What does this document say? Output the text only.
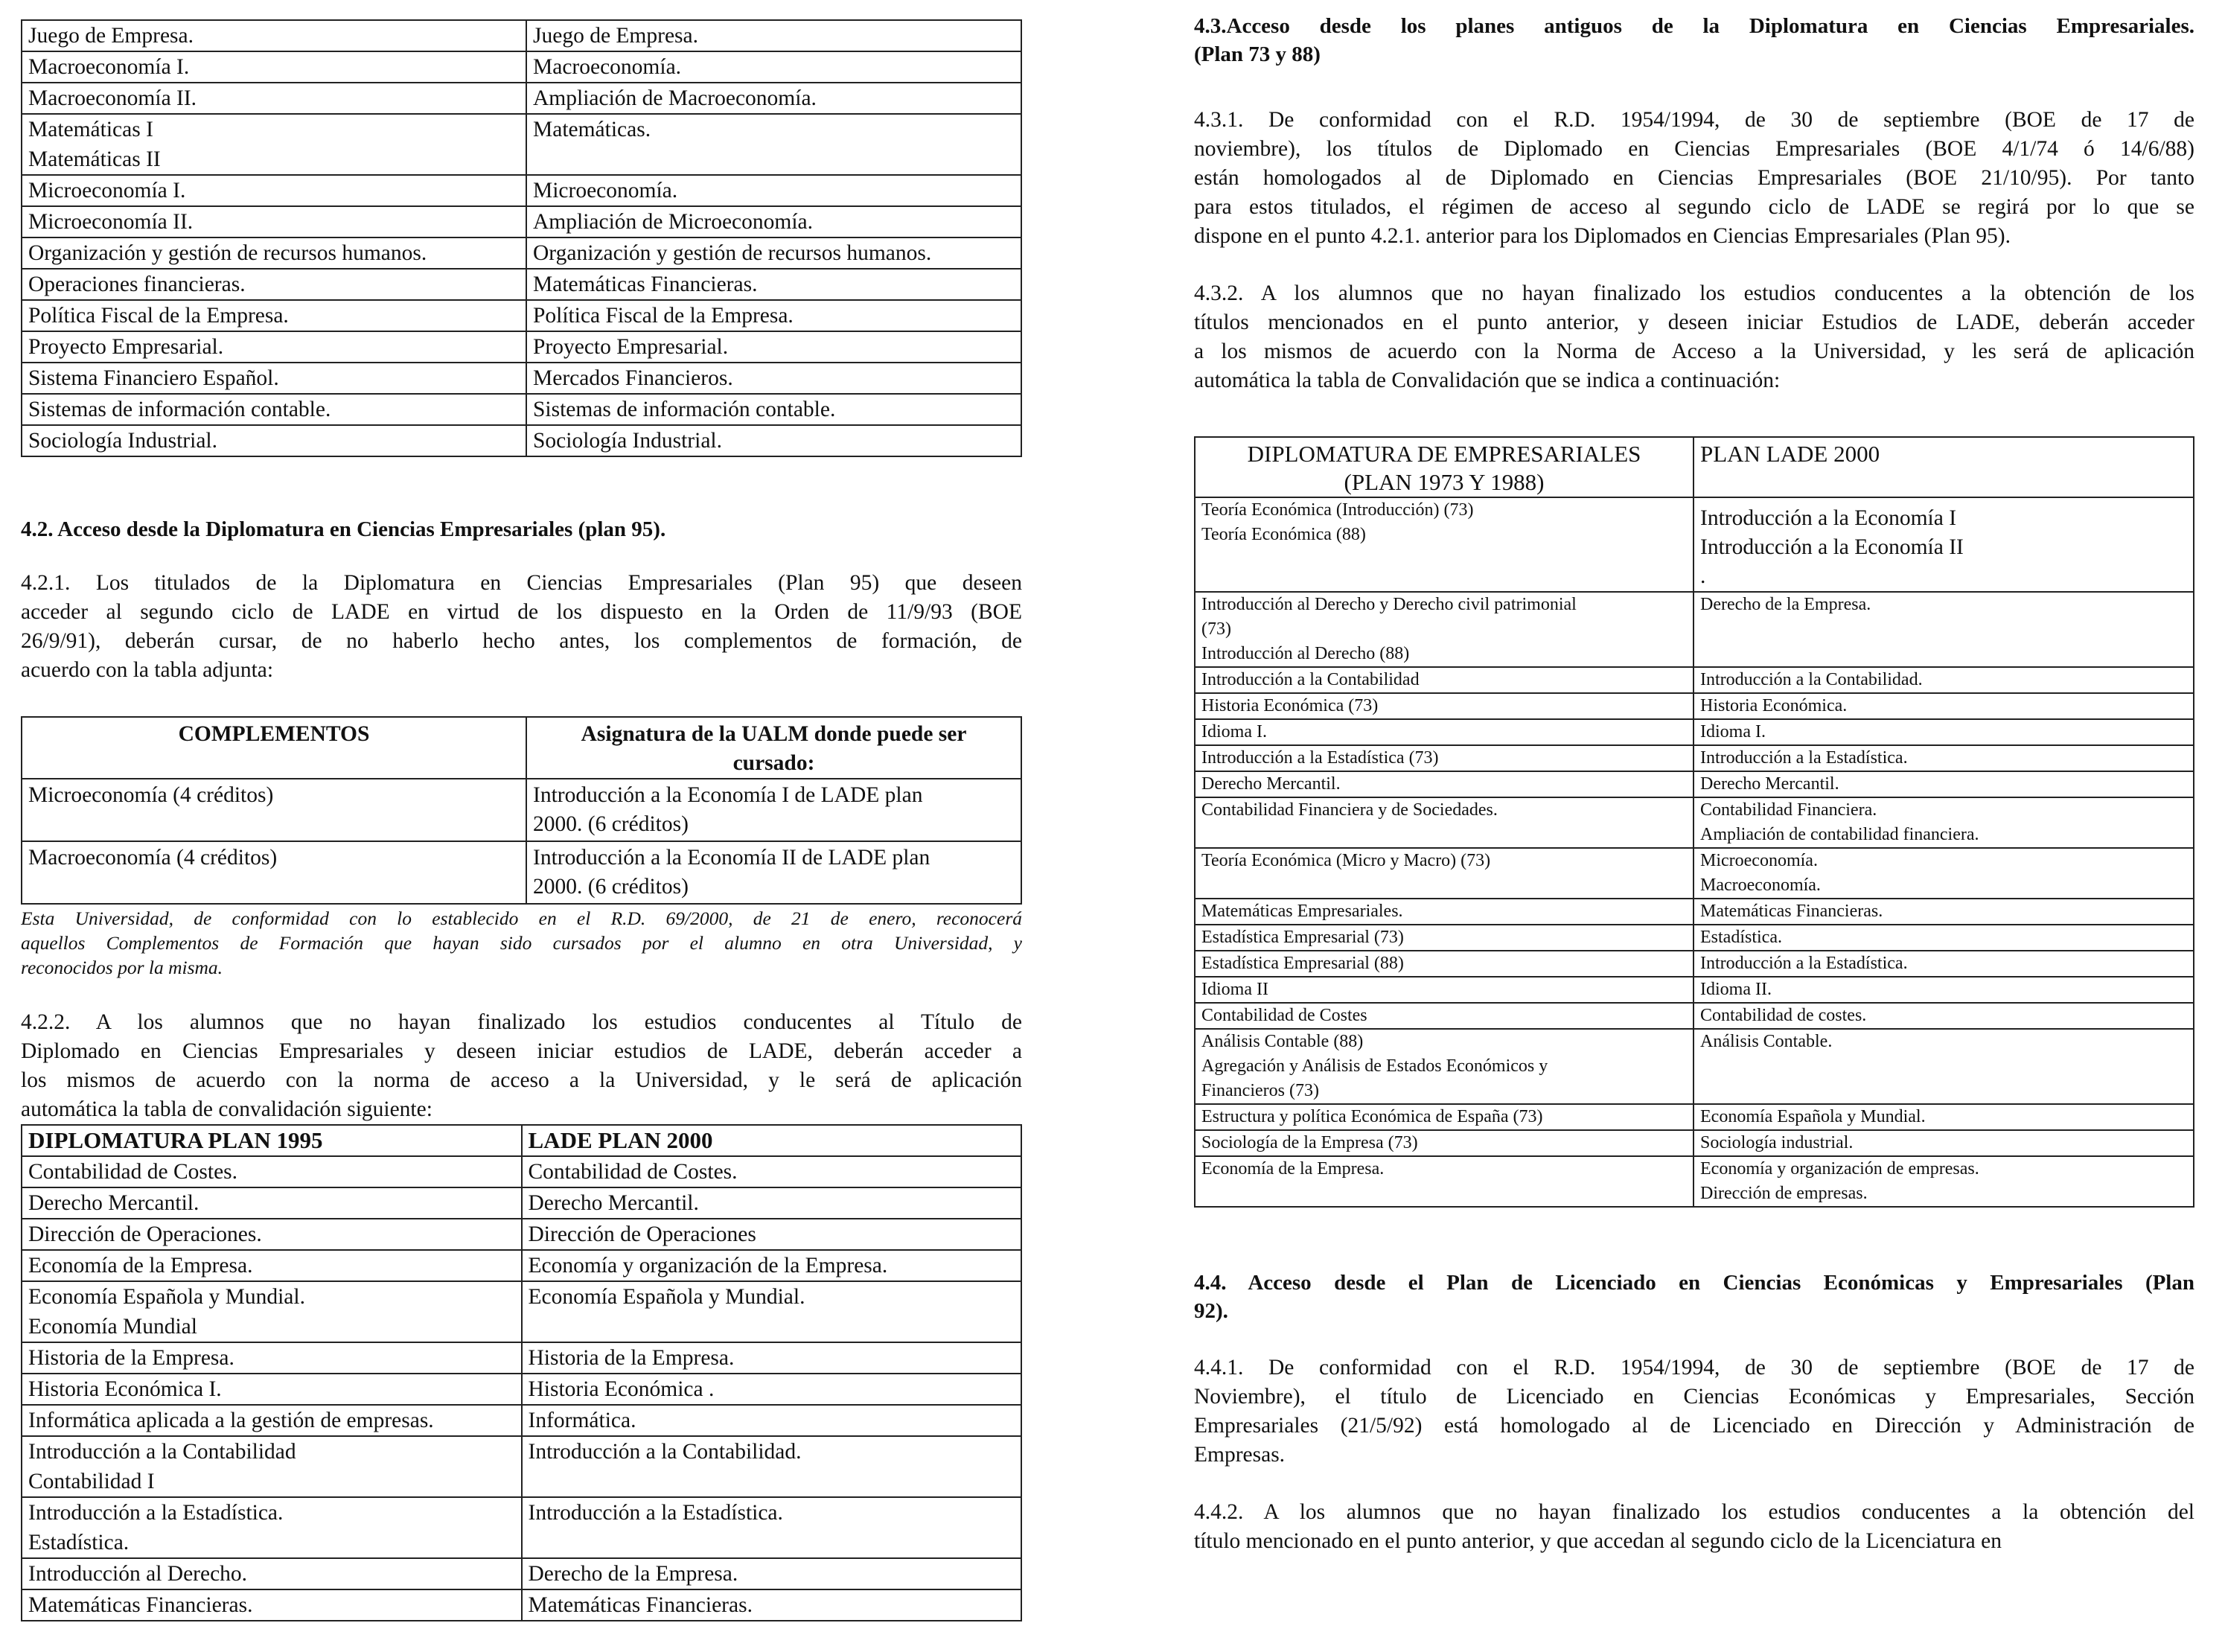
Juego de Empresa.	Juego de Empresa.

Macroeconomía I.	Macroeconomía.

Macroeconomía II.	Ampliación de Macroeconomía.

Matemáticas I
Matemáticas II	Matemáticas.

Microeconomía I.	Microeconomía.

Microeconomía II.	Ampliación de Microeconomía.

Organización y gestión de recursos humanos.	Organización y gestión de recursos humanos.

Operaciones financieras.	Matemáticas Financieras.

Política Fiscal de la Empresa.	Política Fiscal de la Empresa.

Proyecto Empresarial.	Proyecto Empresarial.

Sistema Financiero Español.	Mercados Financieros.

Sistemas de información contable.	Sistemas de información contable.

Sociología Industrial.	Sociología Industrial.
4.2. Acceso desde la Diplomatura en Ciencias Empresariales (plan 95).

4.2.1. Los titulados de la Diplomatura en Ciencias Empresariales (Plan 95) que deseen
acceder al segundo ciclo de LADE en virtud de los dispuesto en la Orden de 11/9/93 (BOE
26/9/91), deberán cursar, de no haberlo hecho antes, los complementos de formación, de
acuerdo con la tabla adjunta:

COMPLEMENTOS	Asignatura de la UALM donde puede ser
cursado:

Microeconomía (4 créditos)	Introducción a la Economía I de LADE plan
2000. (6 créditos)

Macroeconomía (4 créditos)	Introducción a la Economía II de LADE plan
2000. (6 créditos)

Esta Universidad, de conformidad con lo establecido en el R.D. 69/2000, de 21 de enero, reconocerá
aquellos Complementos de Formación que hayan sido cursados por el alumno en otra Universidad, y
reconocidos por la misma.

4.2.2. A los alumnos que no hayan finalizado los estudios conducentes al Título de
Diplomado en Ciencias Empresariales y deseen iniciar estudios de LADE, deberán acceder a
los mismos de acuerdo con la norma de acceso a la Universidad, y le será de aplicación
automática la tabla de convalidación siguiente:

DIPLOMATURA PLAN 1995	LADE PLAN 2000

Contabilidad de Costes.	Contabilidad de Costes.

Derecho Mercantil.	Derecho Mercantil.

Dirección de Operaciones.	Dirección de Operaciones

Economía de la Empresa.	Economía y organización de la Empresa.

Economía Española y Mundial.
Economía Mundial	Economía Española y Mundial.

Historia de la Empresa.	Historia de la Empresa.

Historia Económica I.	Historia Económica .

Informática aplicada a la gestión de empresas.	Informática.

Introducción a la Contabilidad
Contabilidad I	Introducción a la Contabilidad.

Introducción a la Estadística.
Estadística.	Introducción a la Estadística.

Introducción al Derecho.	Derecho de la Empresa.

Matemáticas Financieras.	Matemáticas Financieras.
4.3.Acceso desde los planes antiguos de la Diplomatura en Ciencias Empresariales.
(Plan 73 y 88)

4.3.1. De conformidad con el R.D. 1954/1994, de 30 de septiembre (BOE de 17 de
noviembre), los títulos de Diplomado en Ciencias Empresariales (BOE 4/1/74 ó 14/6/88)
están homologados al de Diplomado en Ciencias Empresariales (BOE 21/10/95). Por tanto
para estos titulados, el régimen de acceso al segundo ciclo de LADE se regirá por lo que se
dispone en el punto 4.2.1. anterior para los Diplomados en Ciencias Empresariales (Plan 95).

4.3.2. A los alumnos que no hayan finalizado los estudios conducentes a la obtención de los
títulos mencionados en el punto anterior, y deseen iniciar Estudios de LADE, deberán acceder
a los mismos de acuerdo con la Norma de Acceso a la Universidad, y les será de aplicación
automática la tabla de Convalidación que se indica a continuación:

DIPLOMATURA DE EMPRESARIALES
(PLAN 1973 Y 1988)	PLAN LADE 2000

Teoría Económica (Introducción) (73)
Teoría Económica (88)	Introducción a la Economía I
Introducción a la Economía II
.

Introducción al Derecho y Derecho civil patrimonial
(73)
Introducción al Derecho (88)	Derecho de la Empresa.

Introducción a la Contabilidad	Introducción a la Contabilidad.

Historia Económica (73)	Historia Económica.

Idioma I.	Idioma I.

Introducción a la Estadística (73)	Introducción a la Estadística.

Derecho Mercantil.	Derecho Mercantil.

Contabilidad Financiera y de Sociedades.	Contabilidad Financiera.
Ampliación de contabilidad financiera.

Teoría Económica (Micro y Macro) (73)	Microeconomía.
Macroeconomía.

Matemáticas Empresariales.	Matemáticas Financieras.

Estadística Empresarial (73)	Estadística.

Estadística Empresarial (88)	Introducción a la Estadística.

Idioma II	Idioma II.

Contabilidad de Costes	Contabilidad de costes.

Análisis Contable (88)
Agregación y Análisis de Estados Económicos y
Financieros (73)	Análisis Contable.

Estructura y política Económica de España (73)	Economía Española y Mundial.

Sociología de la Empresa (73)	Sociología industrial.

Economía de la Empresa.	Economía y organización de empresas.
Dirección de empresas.
4.4. Acceso desde el Plan de Licenciado en Ciencias Económicas y Empresariales (Plan
92).

4.4.1. De conformidad con el R.D. 1954/1994, de 30 de septiembre (BOE de 17 de
Noviembre), el título de Licenciado en Ciencias Económicas y Empresariales, Sección
Empresariales (21/5/92) está homologado al de Licenciado en Dirección y Administración de
Empresas.

4.4.2. A los alumnos que no hayan finalizado los estudios conducentes a la obtención del
título mencionado en el punto anterior, y que accedan al segundo ciclo de la Licenciatura en
